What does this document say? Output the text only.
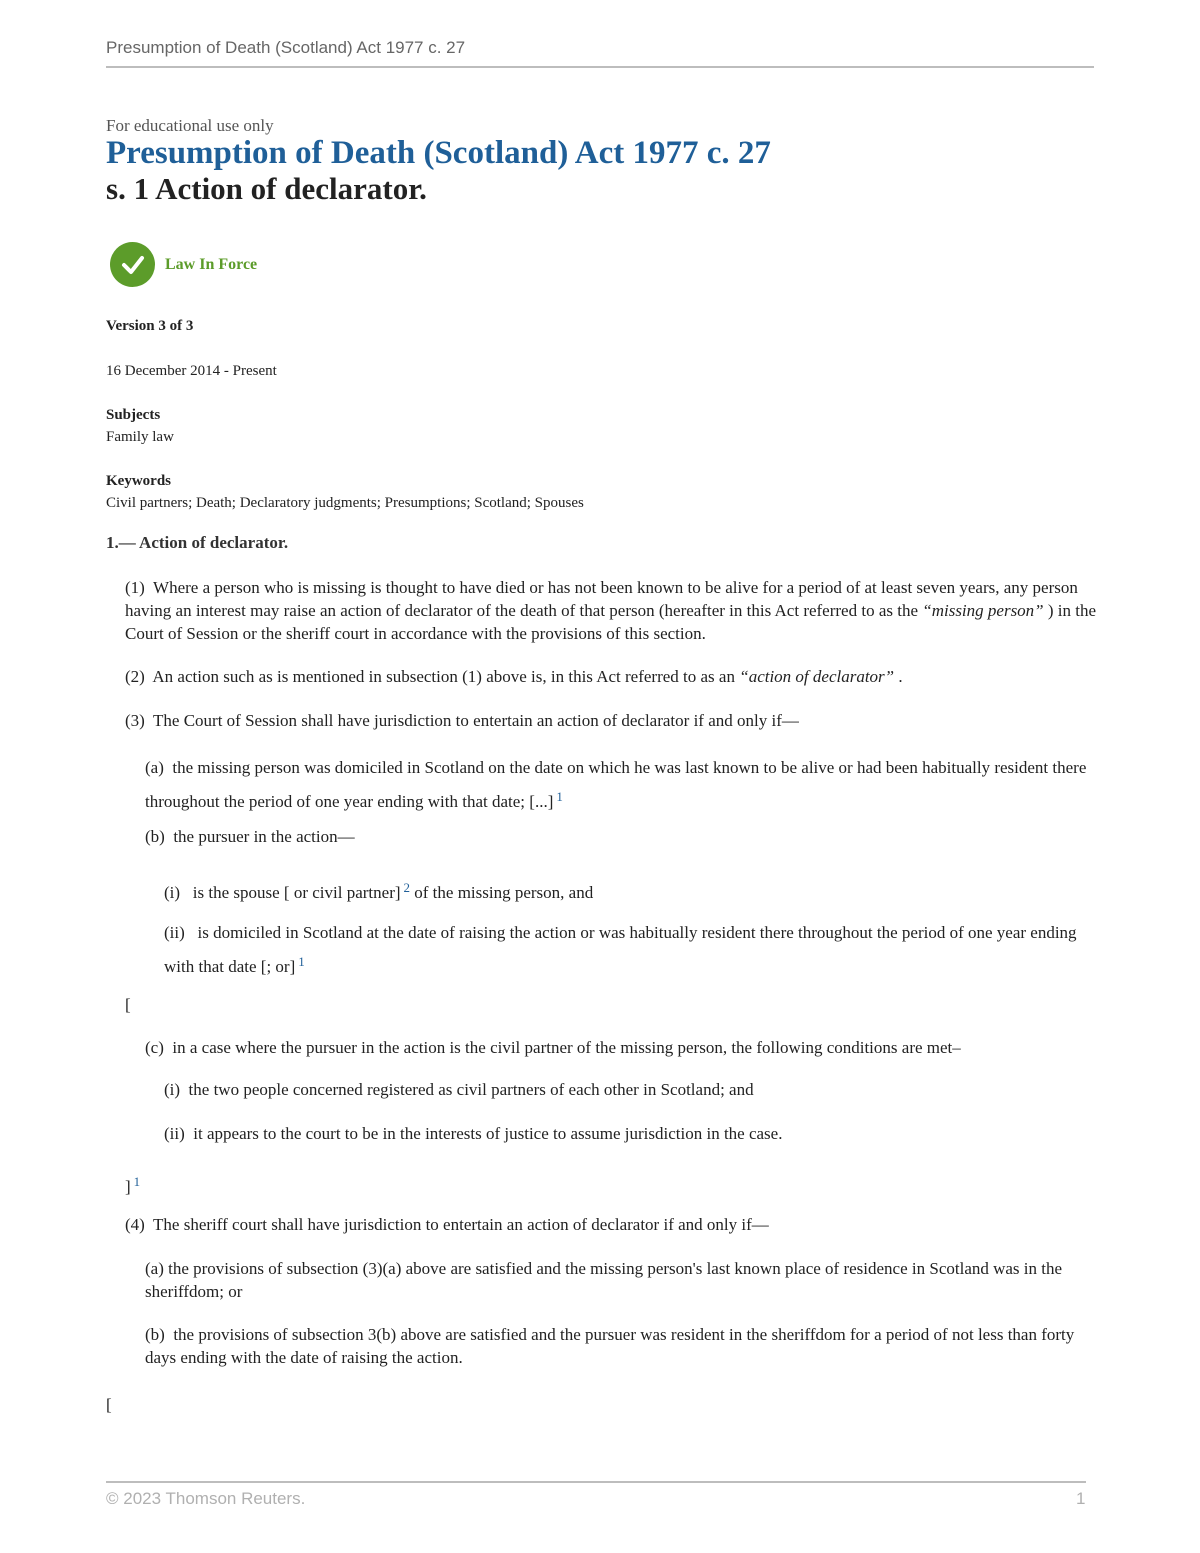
Presumption of Death (Scotland) Act 1977 c. 27
For educational use only
Presumption of Death (Scotland) Act 1977 c. 27
s. 1 Action of declarator.
Law In Force
Version 3 of 3
16 December 2014 - Present
Subjects
Family law
Keywords
Civil partners; Death; Declaratory judgments; Presumptions; Scotland; Spouses
1.— Action of declarator.
(1) Where a person who is missing is thought to have died or has not been known to be alive for a period of at least seven years, any person having an interest may raise an action of declarator of the death of that person (hereafter in this Act referred to as the “missing person” ) in the Court of Session or the sheriff court in accordance with the provisions of this section.
(2) An action such as is mentioned in subsection (1) above is, in this Act referred to as an “action of declarator” .
(3) The Court of Session shall have jurisdiction to entertain an action of declarator if and only if—
(a) the missing person was domiciled in Scotland on the date on which he was last known to be alive or had been habitually resident there throughout the period of one year ending with that date; [...] $^1$
(b) the pursuer in the action—
(i) is the spouse [ or civil partner] $^2$ of the missing person, and
(ii) is domiciled in Scotland at the date of raising the action or was habitually resident there throughout the period of one year ending with that date [; or] $^1$
[
(c) in a case where the pursuer in the action is the civil partner of the missing person, the following conditions are met–
(i) the two people concerned registered as civil partners of each other in Scotland; and
(ii) it appears to the court to be in the interests of justice to assume jurisdiction in the case.
] $^1$
(4) The sheriff court shall have jurisdiction to entertain an action of declarator if and only if—
(a) the provisions of subsection (3)(a) above are satisfied and the missing person's last known place of residence in Scotland was in the sheriffdom; or
(b) the provisions of subsection 3(b) above are satisfied and the pursuer was resident in the sheriffdom for a period of not less than forty days ending with the date of raising the action.
[
© 2023 Thomson Reuters.	1
